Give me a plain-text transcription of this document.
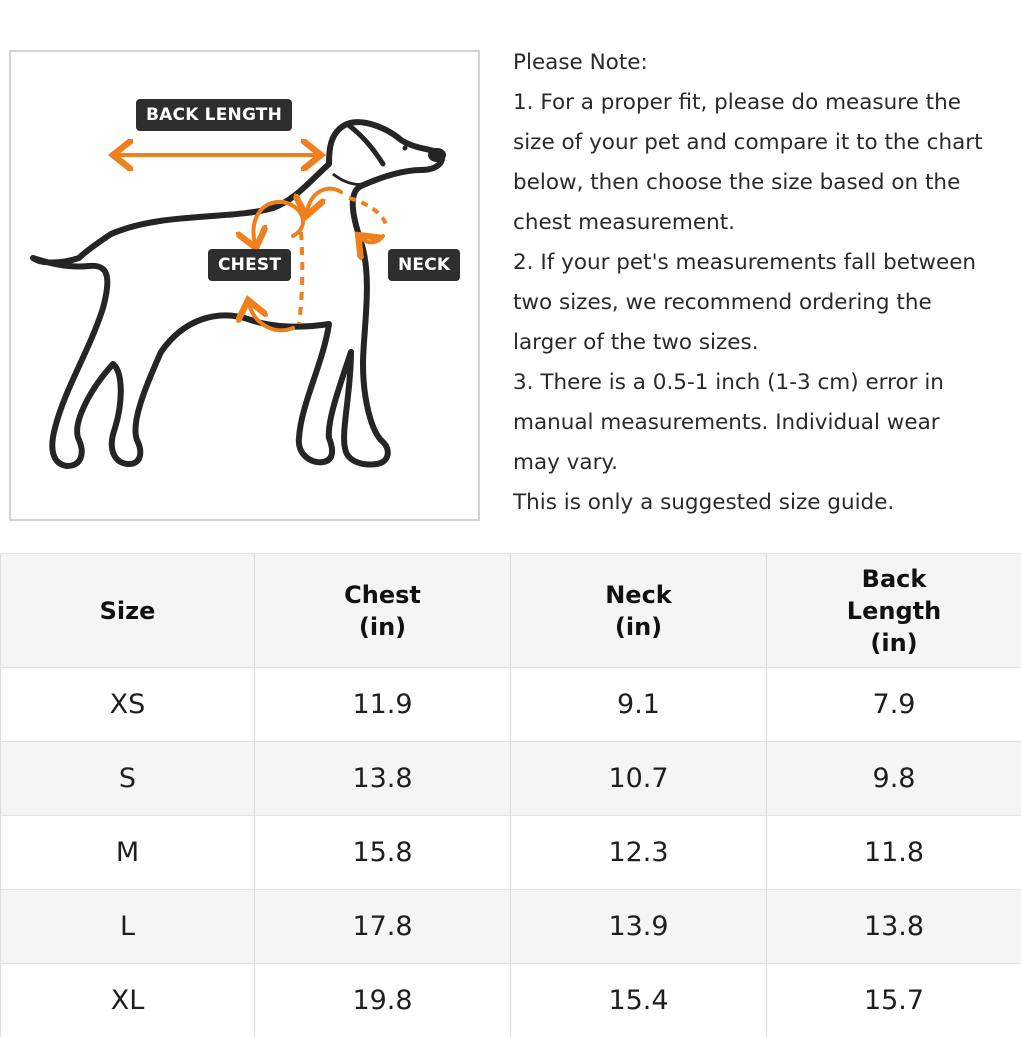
BACK LENGTH
CHEST	NECK

Please Note:

1. For a proper fit, please do measure the

size of your pet and compare it to the chart

below, then choose the size based on the

chest measurement.

2. If your pet's measurements fall between

two sizes, we recommend ordering the

larger of the two sizes.

3. There is a 0.5-1 inch (1-3 cm) error in

manual measurements. Individual wear

may vary.

This is only a suggested size guide.

Size	Chest (in)	Neck (in)	Back Length (in)
XS	11.9	9.1	7.9
S	13.8	10.7	9.8
M	15.8	12.3	11.8
L	17.8	13.9	13.8
XL	19.8	15.4	15.7
